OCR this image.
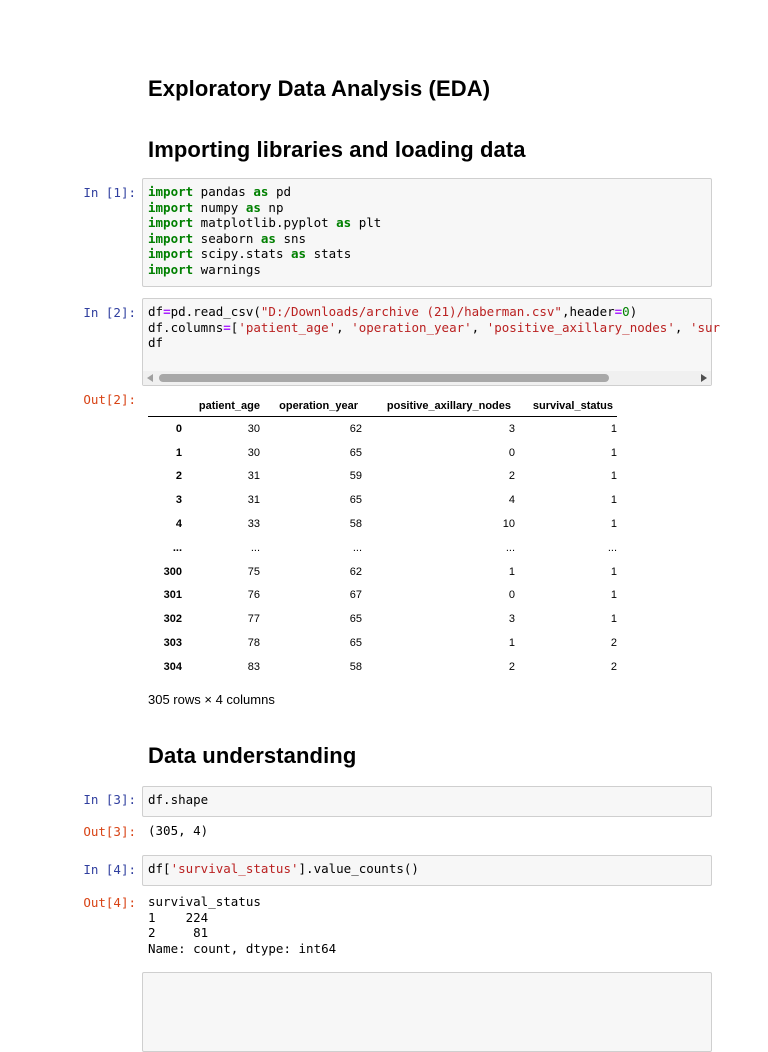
Exploratory Data Analysis (EDA)
Importing libraries and loading data
In [1]: import pandas as pd
import numpy as np
import matplotlib.pyplot as plt
import seaborn as sns
import scipy.stats as stats
import warnings
In [2]: df=pd.read_csv("D:/Downloads/archive (21)/haberman.csv",header=0)
df.columns=['patient_age', 'operation_year', 'positive_axillary_nodes', 'sur
df
Out[2]:
		patient_age	operation_year	positive_axillary_nodes	survival_status
0	30	62	3	1
1	30	65	0	1
2	31	59	2	1
3	31	65	4	1
4	33	58	10	1
...	...	...	...	...
300	75	62	1	1
301	76	67	0	1
302	77	65	3	1
303	78	65	1	2
304	83	58	2	2
305 rows × 4 columns
Data understanding
In [3]: df.shape
Out[3]: (305, 4)
In [4]: df['survival_status'].value_counts()
Out[4]: survival_status
1    224
2     81
Name: count, dtype: int64
